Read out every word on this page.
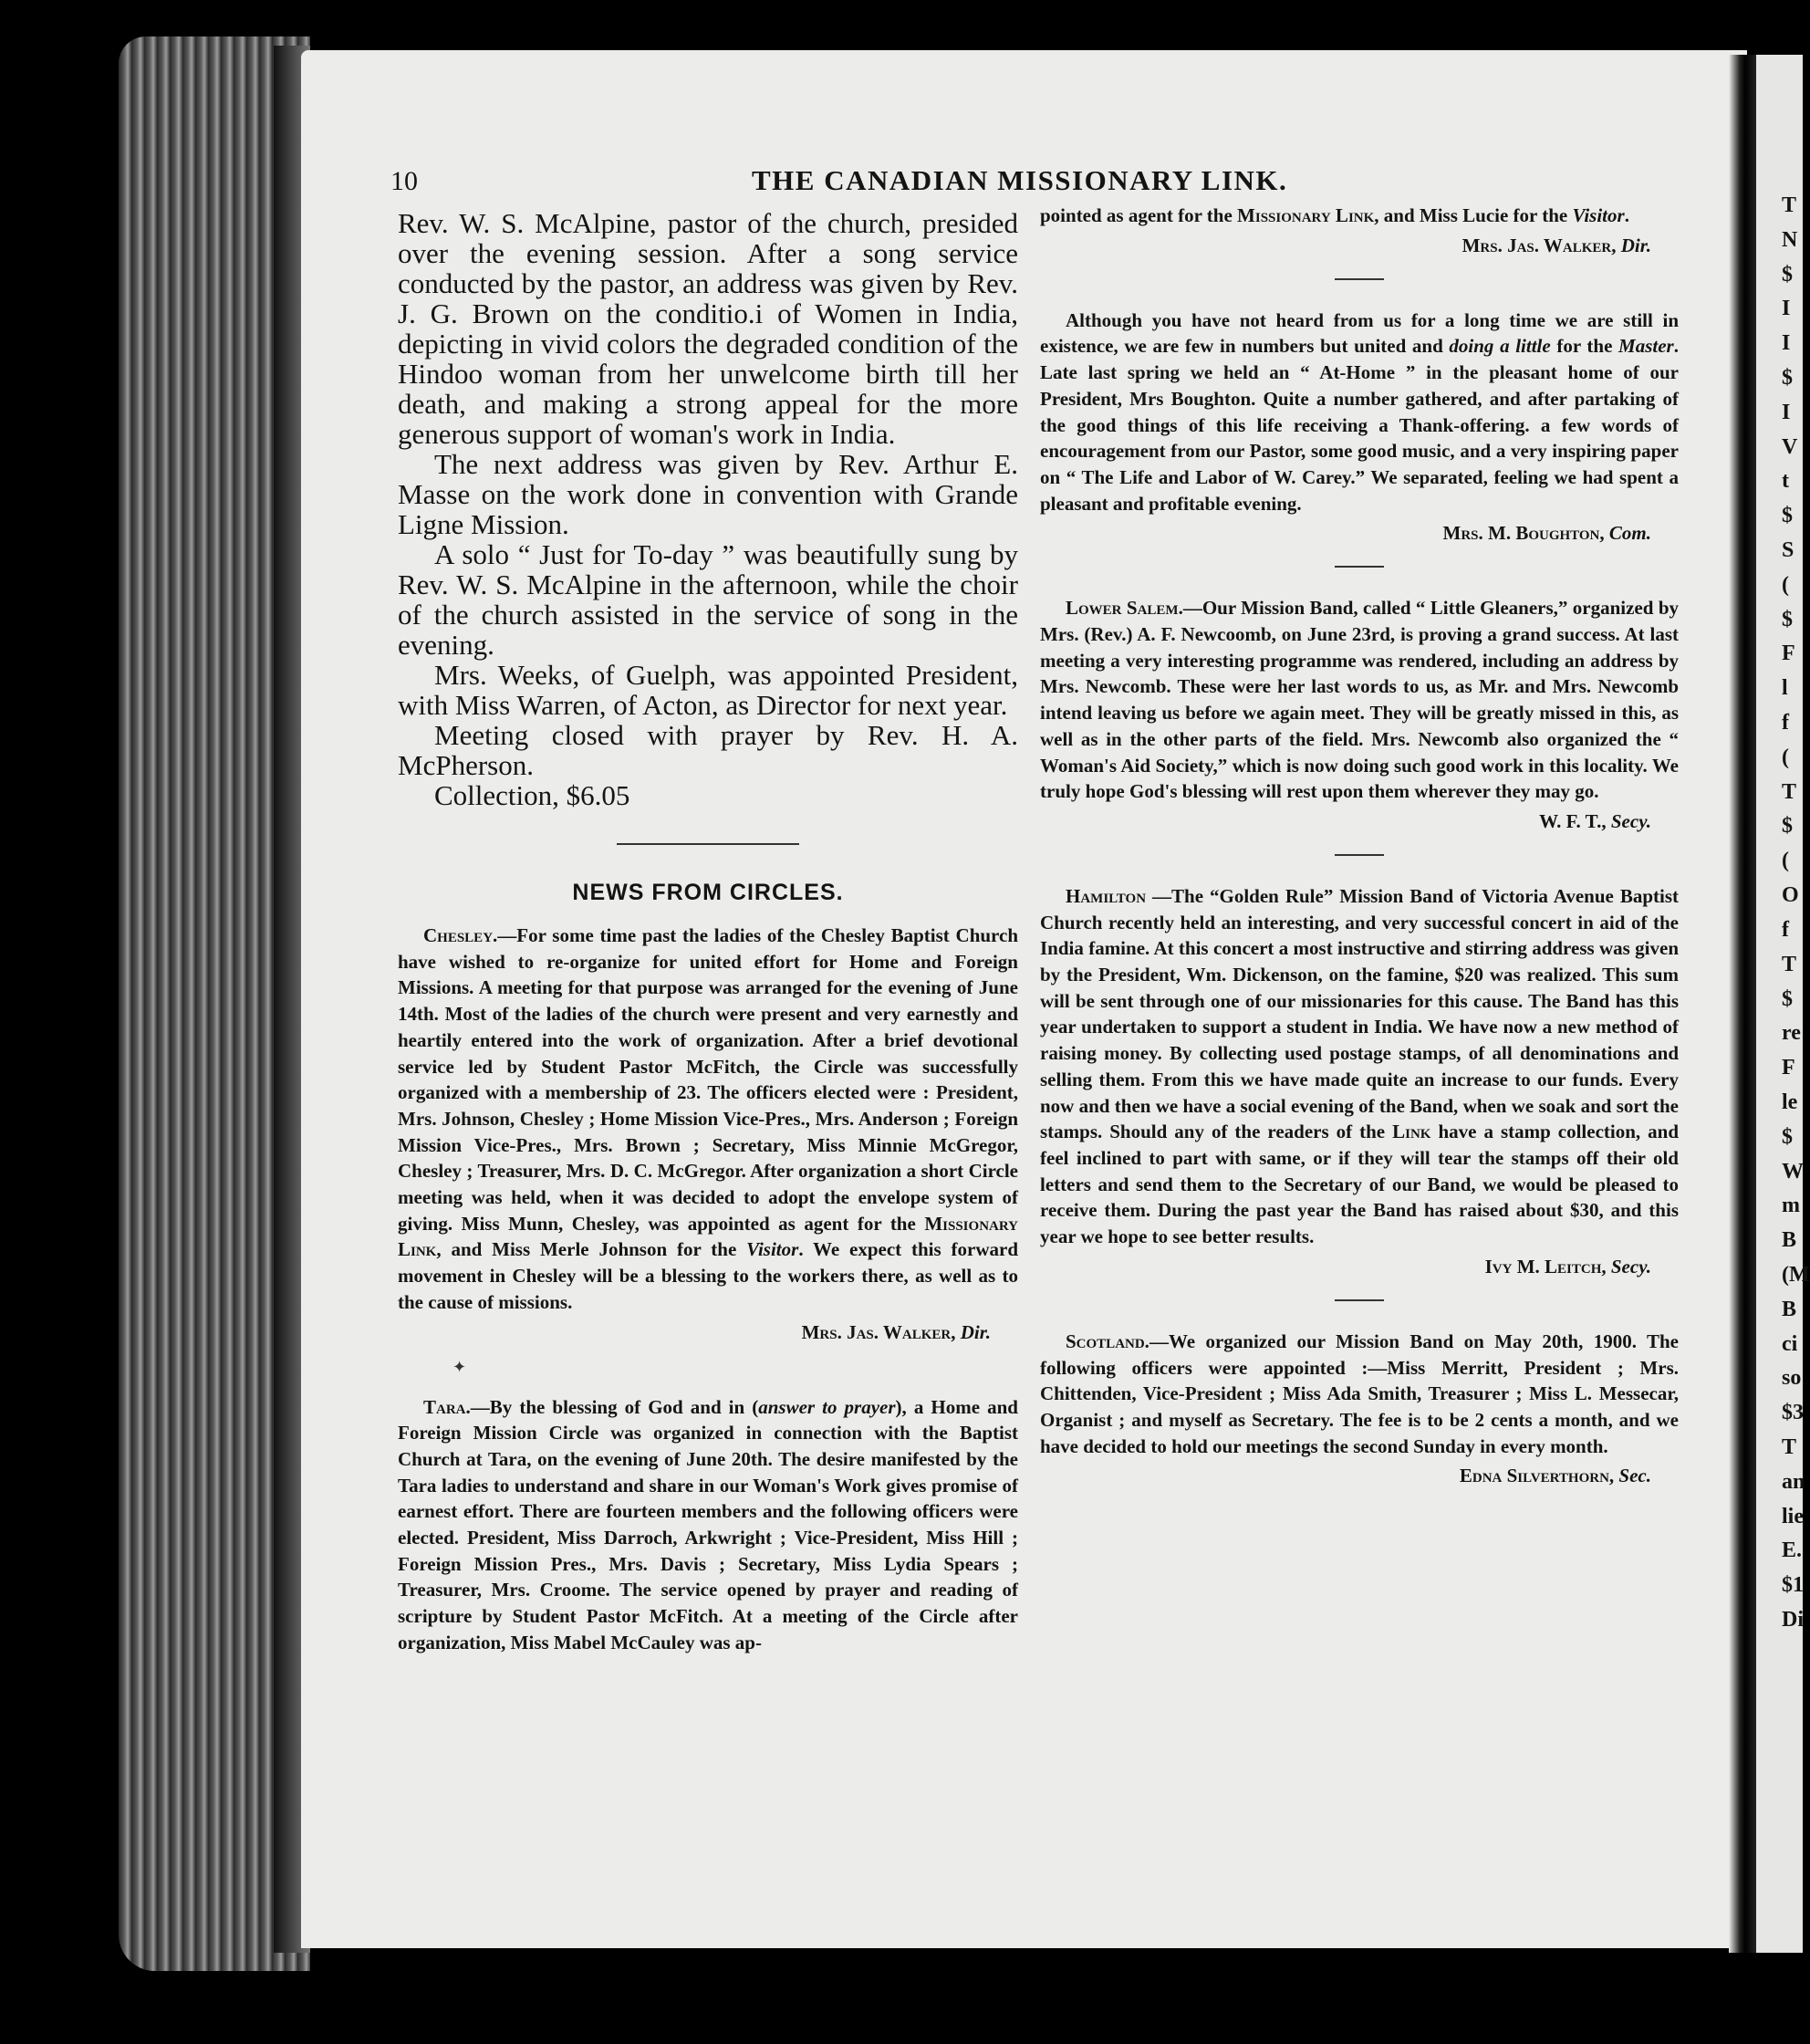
T
N
$
I
I
$
I
V
t
$
S
(
$
F
l
f
(
T
$
(
O
f
T
$
re
F
le
$
W
m
B
(M
B
ci
so
$3
T
an
lie
E.
$1
Di
10	THE CANADIAN MISSIONARY LINK.

Rev. W. S. McAlpine, pastor of the church, presided over the evening session. After a song service conducted by the pastor, an address was given by Rev. J. G. Brown on the conditio.i of Women in India, depicting in vivid colors the degraded condition of the Hindoo woman from her unwelcome birth till her death, and making a strong appeal for the more generous support of woman's work in India.

The next address was given by Rev. Arthur E. Masse on the work done in convention with Grande Ligne Mission.

A solo “ Just for To-day ” was beautifully sung by Rev. W. S. McAlpine in the afternoon, while the choir of the church assisted in the service of song in the evening.

Mrs. Weeks, of Guelph, was appointed President, with Miss Warren, of Acton, as Director for next year.

Meeting closed with prayer by Rev. H. A. McPherson.

Collection, $6.05

NEWS FROM CIRCLES.

Chesley.—For some time past the ladies of the Chesley Baptist Church have wished to re-organize for united effort for Home and Foreign Missions. A meeting for that purpose was arranged for the evening of June 14th. Most of the ladies of the church were present and very earnestly and heartily entered into the work of organization. After a brief devotional service led by Student Pastor McFitch, the Circle was successfully organized with a membership of 23. The officers elected were : President, Mrs. Johnson, Chesley ; Home Mission Vice-Pres., Mrs. Anderson ; Foreign Mission Vice-Pres., Mrs. Brown ; Secretary, Miss Minnie McGregor, Chesley ; Treasurer, Mrs. D. C. McGregor. After organization a short Circle meeting was held, when it was decided to adopt the envelope system of giving. Miss Munn, Chesley, was appointed as agent for the Missionary Link, and Miss Merle Johnson for the Visitor. We expect this forward movement in Chesley will be a blessing to the workers there, as well as to the cause of missions.

Mrs. Jas. Walker, Dir.
✦

Tara.—By the blessing of God and in (answer to prayer), a Home and Foreign Mission Circle was organized in connection with the Baptist Church at Tara, on the evening of June 20th. The desire manifested by the Tara ladies to understand and share in our Woman's Work gives promise of earnest effort. There are fourteen members and the following officers were elected. President, Miss Darroch, Arkwright ; Vice-President, Miss Hill ; Foreign Mission Pres., Mrs. Davis ; Secretary, Miss Lydia Spears ; Treasurer, Mrs. Croome. The service opened by prayer and reading of scripture by Student Pastor McFitch. At a meeting of the Circle after organization, Miss Mabel McCauley was ap-

pointed as agent for the Missionary Link, and Miss Lucie for the Visitor.

Mrs. Jas. Walker, Dir.

Although you have not heard from us for a long time we are still in existence, we are few in numbers but united and doing a little for the Master. Late last spring we held an “ At-Home ” in the pleasant home of our President, Mrs Boughton. Quite a number gathered, and after partaking of the good things of this life receiving a Thank-offering. a few words of encouragement from our Pastor, some good music, and a very inspiring paper on “ The Life and Labor of W. Carey.” We separated, feeling we had spent a pleasant and profitable evening.

Mrs. M. Boughton, Com.

Lower Salem.—Our Mission Band, called “ Little Gleaners,” organized by Mrs. (Rev.) A. F. Newcoomb, on June 23rd, is proving a grand success. At last meeting a very interesting programme was rendered, including an address by Mrs. Newcomb. These were her last words to us, as Mr. and Mrs. Newcomb intend leaving us before we again meet. They will be greatly missed in this, as well as in the other parts of the field. Mrs. Newcomb also organized the “ Woman's Aid Society,” which is now doing such good work in this locality. We truly hope God's blessing will rest upon them wherever they may go.

W. F. T., Secy.

Hamilton —The “Golden Rule” Mission Band of Victoria Avenue Baptist Church recently held an interesting, and very successful concert in aid of the India famine. At this concert a most instructive and stirring address was given by the President, Wm. Dickenson, on the famine, $20 was realized. This sum will be sent through one of our missionaries for this cause. The Band has this year undertaken to support a student in India. We have now a new method of raising money. By collecting used postage stamps, of all denominations and selling them. From this we have made quite an increase to our funds. Every now and then we have a social evening of the Band, when we soak and sort the stamps. Should any of the readers of the Link have a stamp collection, and feel inclined to part with same, or if they will tear the stamps off their old letters and send them to the Secretary of our Band, we would be pleased to receive them. During the past year the Band has raised about $30, and this year we hope to see better results.

Ivy M. Leitch, Secy.

Scotland.—We organized our Mission Band on May 20th, 1900. The following officers were appointed :—Miss Merritt, President ; Mrs. Chittenden, Vice-President ; Miss Ada Smith, Treasurer ; Miss L. Messecar, Organist ; and myself as Secretary. The fee is to be 2 cents a month, and we have decided to hold our meetings the second Sunday in every month.

Edna Silverthorn, Sec.
